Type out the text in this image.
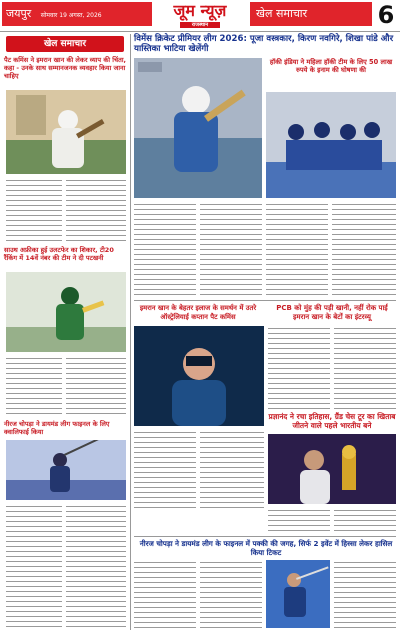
जयपुर सोमवार 19 अगस्त, 2026	जूम न्यूज़
राजस्थान
खेल समाचार	6
खेल समाचार
पैट कमिंस ने इमरान खान की लेकर व्याप की चिंता, कहा - उनके साथ सम्मानजनक व्यवहार किया जाना चाहिए
साउथ अफ्रीका हुई उलटफेर का शिकार, टी20 रैंकिंग में 14वें नंबर की टीम ने दी पटखनी
नीरज चोपड़ा ने डायमंड लीग फाइनल के लिए क्वालिफाई किया
विमेंस क्रिकेट प्रीमियर लीग 2026: पूजा वस्त्रकार, किरण नवगिरे, शिखा पांडे और यास्तिका भाटिया खेलेंगी
हॉकी इंडिया ने महिला हॉकी टीम के लिए 50 लाख रुपये के इनाम की घोषणा की
इमरान खान के बेहतर इलाज के समर्थन में उतरे ऑस्ट्रेलियाई कप्तान पैट कमिंस
PCB को मुंह की पड़ी खानी, नहीं रोक पाई इमरान खान के बेटों का इंटरव्यू
प्रज्ञानंद ने रचा इतिहास, ग्रैंड चेस टूर का खिताब जीतने वाले पहले भारतीय बने
नीरज चोपड़ा ने डायमंड लीग के फाइनल में पक्की की जगह, सिर्फ 2 इवेंट में हिस्सा लेकर हासिल किया टिकट
